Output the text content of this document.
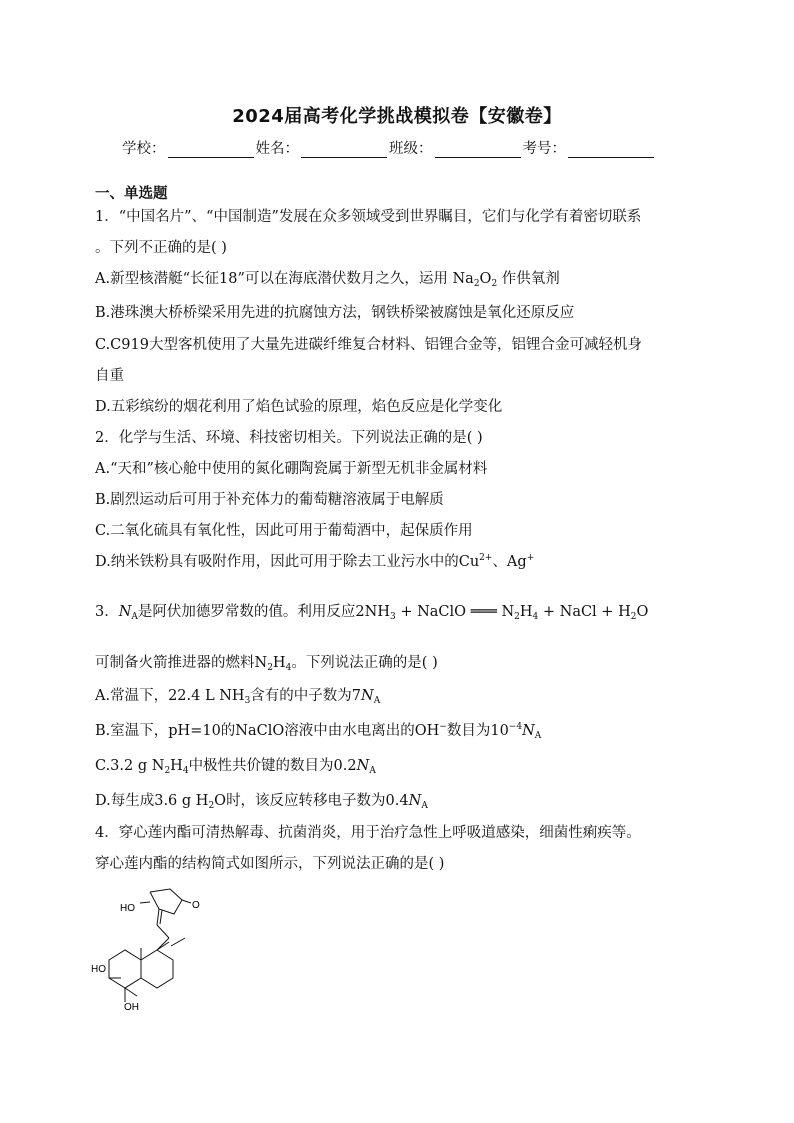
2024届高考化学挑战模拟卷【安徽卷】
学校：	姓名：	班级：	考号：
一、单选题
1．“中国名片”、“中国制造”发展在众多领域受到世界瞩目，它们与化学有着密切联系
。下列不正确的是( )
A.新型核潜艇“长征18”可以在海底潜伏数月之久，运用 $Na_2O_2$ 作供氧剂
B.港珠澳大桥桥梁采用先进的抗腐蚀方法，钢铁桥梁被腐蚀是氧化还原反应
C.C919大型客机使用了大量先进碳纤维复合材料、铝锂合金等，铝锂合金可减轻机身
自重
D.五彩缤纷的烟花利用了焰色试验的原理，焰色反应是化学变化
2．化学与生活、环境、科技密切相关。下列说法正确的是( )
A.“天和”核心舱中使用的氮化硼陶瓷属于新型无机非金属材料
B.剧烈运动后可用于补充体力的葡萄糖溶液属于电解质
C.二氧化硫具有氧化性，因此可用于葡萄酒中，起保质作用
D.纳米铁粉具有吸附作用，因此可用于除去工业污水中的$Cu^{2+}$、Ag+
3．$N_A$是阿伏加德罗常数的值。利用反应$2NH_3$ + NaClO ═══ $N_2H_4$ + NaCl + $H_2O$
可制备火箭推进器的燃料$N_2H_4$。下列说法正确的是( )
A.常温下，22.4 L $NH_3$含有的中子数为$7N_A$
B.室温下，pH=10的NaClO溶液中由水电离出的OH−数目为$10^{-4}N_A$
C.3.2 g $N_2H_4$中极性共价键的数目为$0.2N_A$
D.每生成3.6 g $H_2O$时，该反应转移电子数为$0.4N_A$
4．穿心莲内酯可清热解毒、抗菌消炎，用于治疗急性上呼吸道感染，细菌性痢疾等。
穿心莲内酯的结构简式如图所示，下列说法正确的是( )
HO	O
HO
OH
